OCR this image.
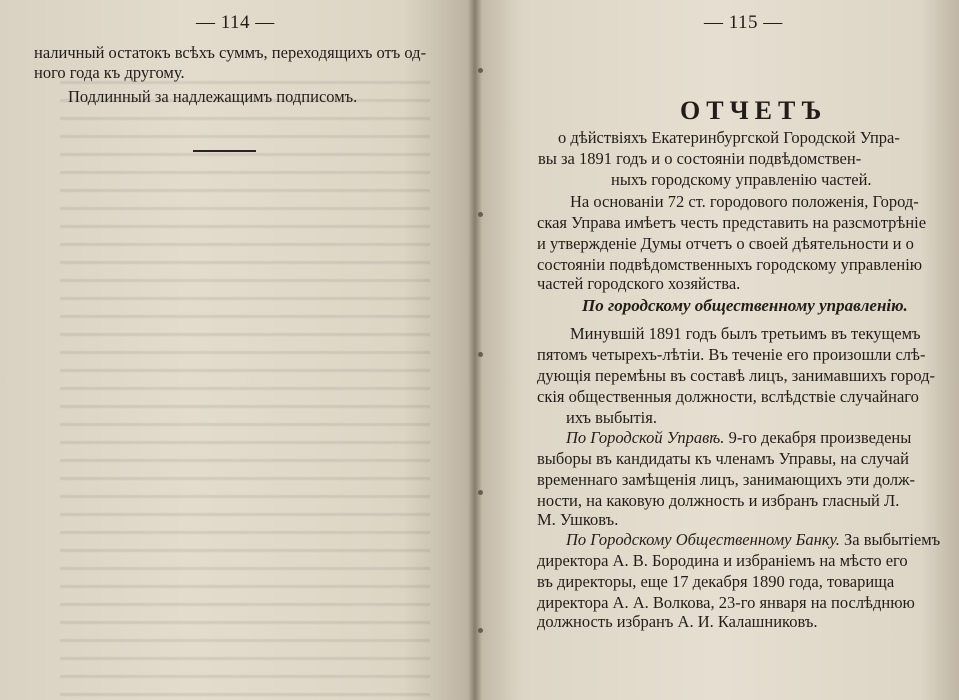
— 114 —
наличный остатокъ всѣхъ суммъ, переходящихъ отъ од-
ного года къ другому.
Подлинный за надлежащимъ подписомъ.
— 115 —
ОТЧЕТЪ
о дѣйствіяхъ Екатеринбургской Городской Упра-
вы за 1891 годъ и о состояніи подвѣдомствен-
ныхъ городскому управленію частей.
На основаніи 72 ст. городового положенія, Город-
ская Управа имѣетъ честь представить на разсмотрѣніе
и утвержденіе Думы отчетъ о своей дѣятельности и о
состояніи подвѣдомственныхъ городскому управленію
частей городского хозяйства.
По городскому общественному управленію.
Минувшій 1891 годъ былъ третьимъ въ текущемъ
пятомъ четырехъ-лѣтіи. Въ теченіе его произошли слѣ-
дующія перемѣны въ составѣ лицъ, занимавшихъ город-
скія общественныя должности, вслѣдствіе случайнаго
ихъ выбытія.
По Городской Управѣ. 9-го декабря произведены
выборы въ кандидаты къ членамъ Управы, на случай
временнаго замѣщенія лицъ, занимающихъ эти долж-
ности, на каковую должность и избранъ гласный Л.
М. Ушковъ.
По Городскому Общественному Банку. За выбытіемъ
директора А. В. Бородина и избраніемъ на мѣсто его
въ директоры, еще 17 декабря 1890 года, товарища
директора А. А. Волкова, 23-го января на послѣднюю
должность избранъ А. И. Калашниковъ.
